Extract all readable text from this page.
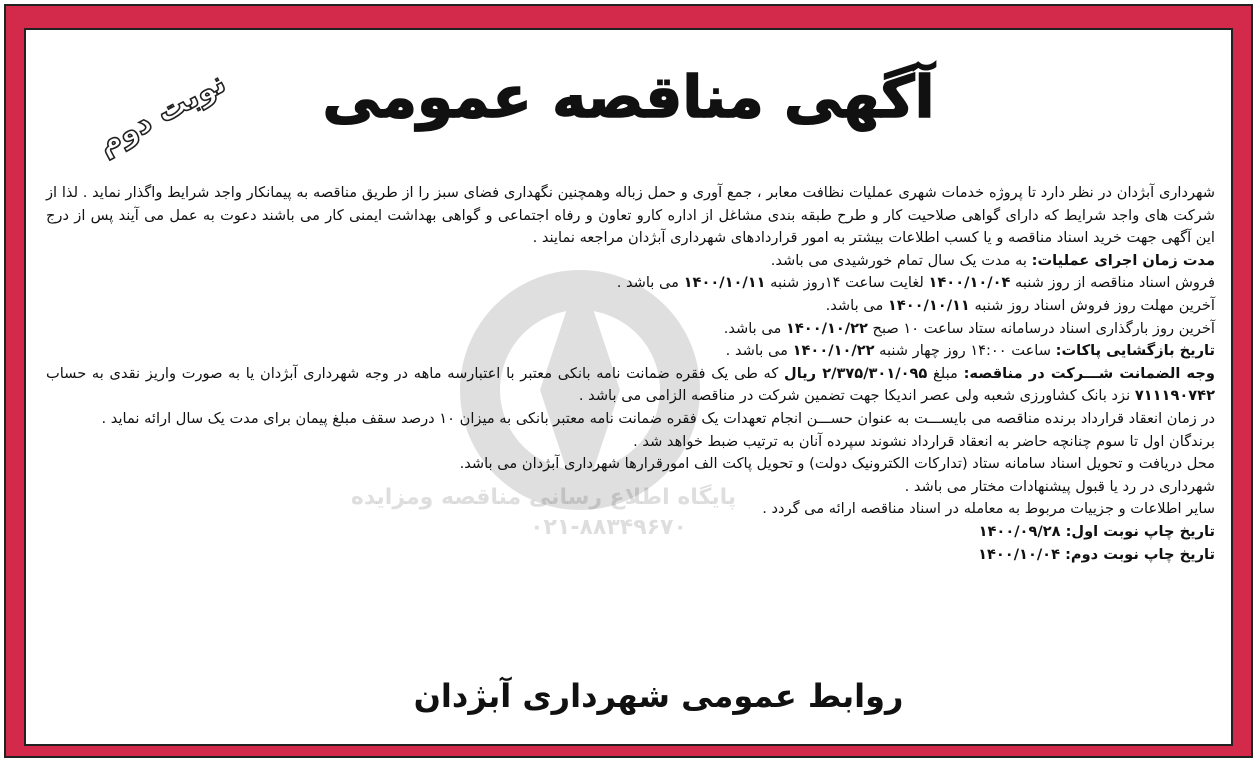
پایگاه اطلاع رسانی مناقصه ومزایده
۰۲۱-۸۸۳۴۹۶۷۰
آگهی مناقصه عمومی
نوبت دوم

شهرداری آبژدان در نظر دارد تا پروژه خدمات شهری عملیات نظافت معابر ، جمع آوری و حمل زباله وهمچنین نگهداری فضای سبز را از طریق مناقصه به پیمانکار واجد شرایط واگذار نماید . لذا از شرکت های واجد شرایط که دارای گواهی صلاحیت کار و طرح طبقه بندی مشاغل از اداره کارو تعاون و رفاه اجتماعی و گواهی بهداشت ایمنی کار می باشند دعوت به عمل می آیند پس از درج این آگهی جهت خرید اسناد مناقصه و یا کسب اطلاعات بیشتر به امور قراردادهای شهرداری آبژدان مراجعه نمایند .

مدت زمان اجرای عملیات: به مدت یک سال تمام خورشیدی می باشد.

فروش اسناد مناقصه از روز شنبه ۱۴۰۰/۱۰/۰۴ لغایت ساعت ۱۴روز شنبه ۱۴۰۰/۱۰/۱۱ می باشد .

آخرین مهلت روز فروش اسناد روز شنبه ۱۴۰۰/۱۰/۱۱ می باشد.

آخرین روز بارگذاری اسناد درسامانه ستاد ساعت ۱۰ صبح ۱۴۰۰/۱۰/۲۲ می باشد.

تاریخ بازگشایی پاکات: ساعت ۱۴:۰۰ روز چهار شنبه ۱۴۰۰/۱۰/۲۲ می باشد .

وجه الضمانت شـــرکت در مناقصه: مبلغ ۲/۳۷۵/۳۰۱/۰۹۵ ریال که طی یک فقره ضمانت نامه بانکی معتبر با اعتبارسه ماهه در وجه شهرداری آبژدان یا به صورت واریز نقدی به حساب ۷۱۱۱۹۰۷۴۲ نزد بانک کشاورزی شعبه ولی عصر اندیکا جهت تضمین شرکت در مناقصه الزامی می باشد .

در زمان انعقاد قرارداد برنده مناقصه می بایســـت به عنوان حســـن انجام تعهدات یک فقره ضمانت نامه معتبر بانکی به میزان ۱۰ درصد سقف مبلغ پیمان برای مدت یک سال ارائه نماید .

برندگان اول تا سوم چنانچه حاضر به انعقاد قرارداد نشوند سپرده آنان به ترتیب ضبط خواهد شد .

محل دریافت و تحویل اسناد سامانه ستاد (تدارکات الکترونیک دولت) و تحویل پاکت الف امورقرارها شهرداری آبژدان می باشد.

شهرداری در رد یا قبول پیشنهادات مختار می باشد .

سایر اطلاعات و جزییات مربوط به معامله در اسناد مناقصه ارائه می گردد .

تاریخ چاپ نوبت اول: ۱۴۰۰/۰۹/۲۸

تاریخ چاپ نوبت دوم: ۱۴۰۰/۱۰/۰۴

روابط عمومی شهرداری آبژدان
